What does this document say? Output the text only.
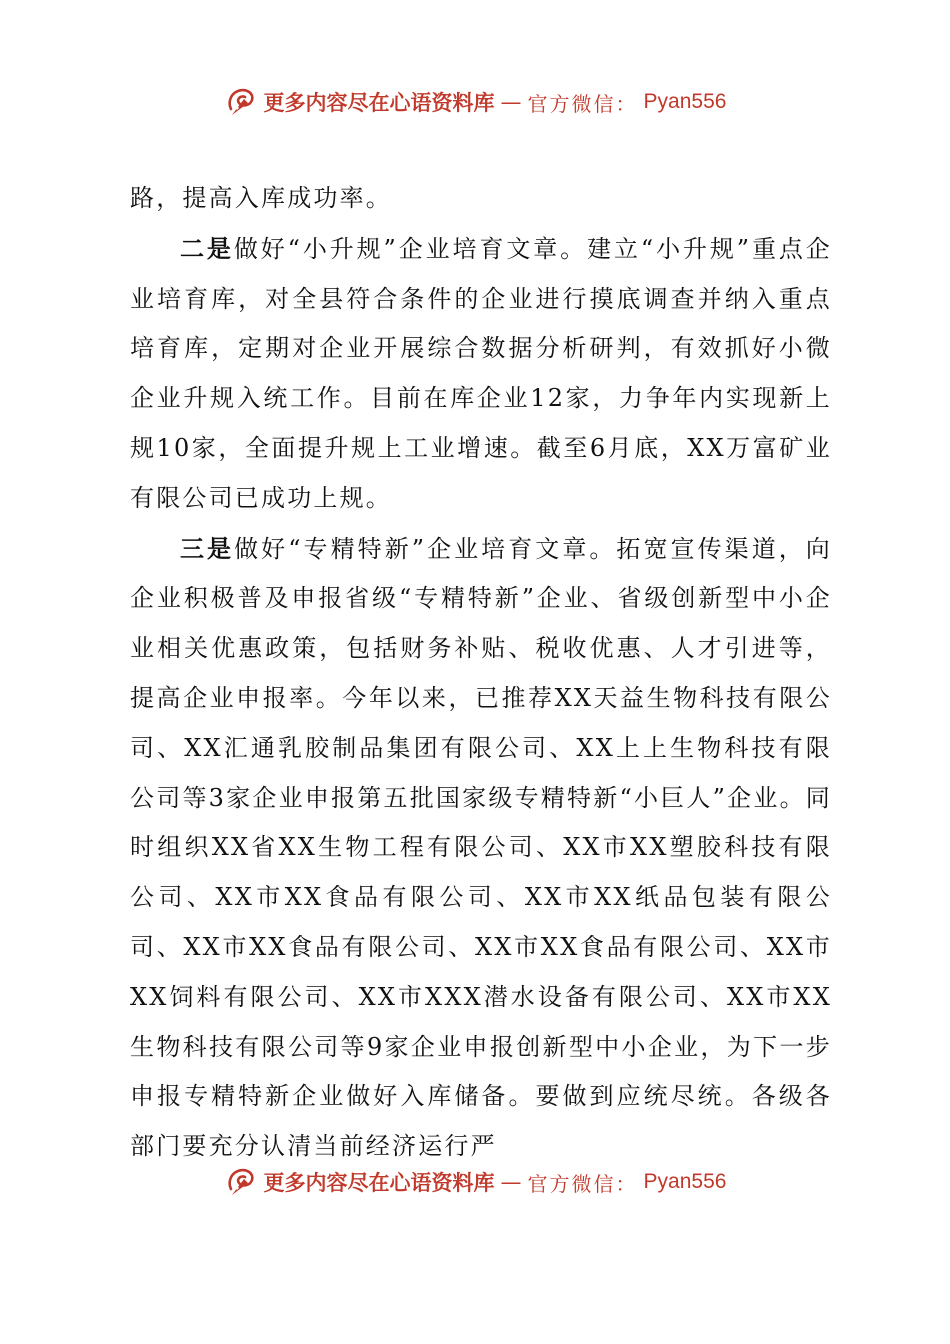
更多内容尽在心语资料库 — 官方微信： Pyan556

路，提高入库成功率。

二是做好“小升规”企业培育文章。建立“小升规”重点企业培育库，对全县符合条件的企业进行摸底调查并纳入重点培育库，定期对企业开展综合数据分析研判，有效抓好小微企业升规入统工作。目前在库企业12家，力争年内实现新上规10家，全面提升规上工业增速。截至6月底，XX万富矿业有限公司已成功上规。

三是做好“专精特新”企业培育文章。拓宽宣传渠道，向企业积极普及申报省级“专精特新”企业、省级创新型中小企业相关优惠政策，包括财务补贴、税收优惠、人才引进等，提高企业申报率。今年以来，已推荐XX天益生物科技有限公司、XX汇通乳胶制品集团有限公司、XX上上生物科技有限公司等3家企业申报第五批国家级专精特新“小巨人”企业。同时组织XX省XX生物工程有限公司、XX市XX塑胶科技有限公司、XX市XX食品有限公司、XX市XX纸品包装有限公司、XX市XX食品有限公司、XX市XX食品有限公司、XX市XX饲料有限公司、XX市XXX潜水设备有限公司、XX市XX生物科技有限公司等9家企业申报创新型中小企业，为下一步申报专精特新企业做好入库储备。要做到应统尽统。各级各部门要充分认清当前经济运行严

更多内容尽在心语资料库 — 官方微信： Pyan556
